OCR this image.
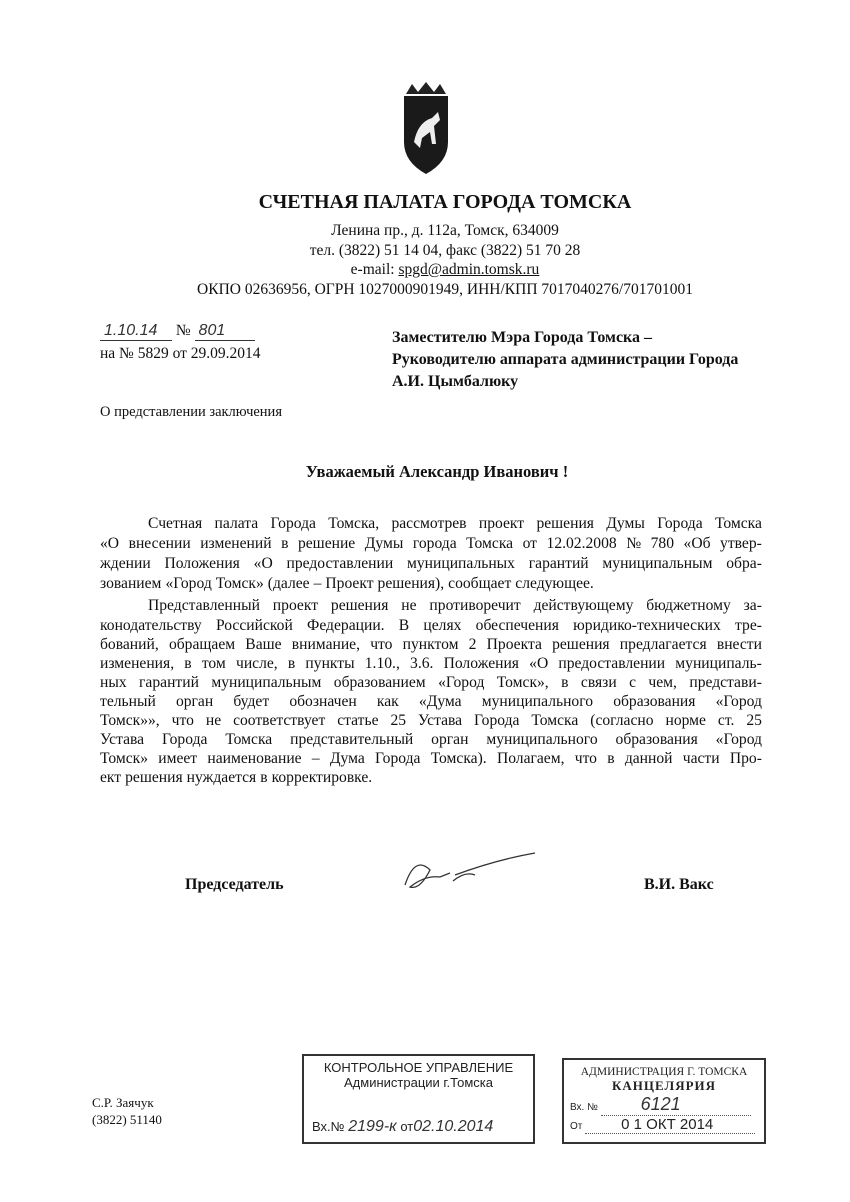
СЧЕТНАЯ ПАЛАТА ГОРОДА ТОМСКА
Ленина пр., д. 112а, Томск, 634009
тел. (3822) 51 14 04, факс (3822) 51 70 28
e-mail: spgd@admin.tomsk.ru
ОКПО 02636956, ОГРН 1027000901949, ИНН/КПП 7017040276/701701001
1.10.14 № 801
на № 5829 от 29.09.2014
Заместителю Мэра Города Томска –
Руководителю аппарата администрации Города
А.И. Цымбалюку
О представлении заключения
Уважаемый Александр Иванович !
Счетная палата Города Томска, рассмотрев проект решения Думы Города Томска
«О внесении изменений в решение Думы города Томска от 12.02.2008 № 780 «Об утвер-
ждении Положения «О предоставлении муниципальных гарантий муниципальным обра-
зованием «Город Томск» (далее – Проект решения), сообщает следующее.
Представленный проект решения не противоречит действующему бюджетному за-
конодательству Российской Федерации. В целях обеспечения юридико-технических тре-
бований, обращаем Ваше внимание, что пунктом 2 Проекта решения предлагается внести
изменения, в том числе, в пункты 1.10., 3.6. Положения «О предоставлении муниципаль-
ных гарантий муниципальным образованием «Город Томск», в связи с чем, представи-
тельный орган будет обозначен как «Дума муниципального образования «Город
Томск»», что не соответствует статье 25 Устава Города Томска (согласно норме ст. 25
Устава Города Томска представительный орган муниципального образования «Город
Томск» имеет наименование – Дума Города Томска). Полагаем, что в данной части Про-
ект решения нуждается в корректировке.
Председатель	В.И. Вакс
С.Р. Заячук
(3822) 51140
КОНТРОЛЬНОЕ УПРАВЛЕНИЕ
Администрации г.Томска
Вх.№ 2199-к от02.10.2014
АДМИНИСТРАЦИЯ Г. ТОМСКА
КАНЦЕЛЯРИЯ
Вх. № 6121
От	0 1 ОКТ 2014
